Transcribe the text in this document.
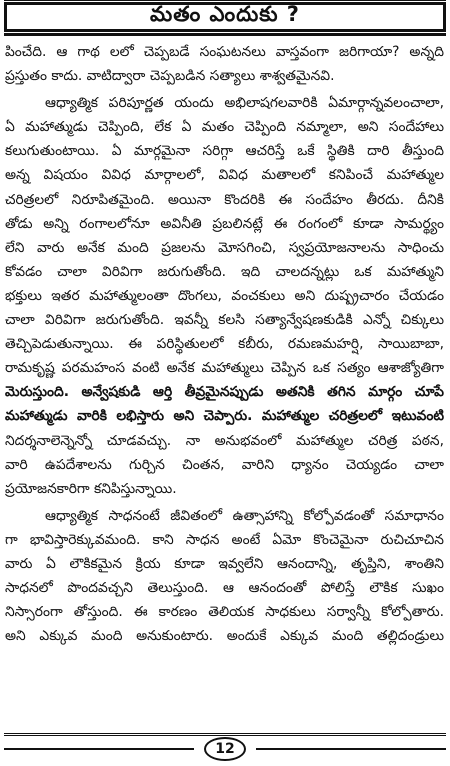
మతం ఎందుకు ?
పించేది. ఆ గాథ లలో చెప్పబడే సంఘటనలు వాస్తవంగా జరిగాయా? అన్నది
ప్రస్తుతం కాదు. వాటిద్వారా చెప్పబడిన సత్యాలు శాశ్వతమైనవి.
ఆధ్యాత్మిక పరిపూర్ణత యందు అభిలాషగలవారికి ఏమార్గాన్నవలంచాలా,
ఏ మహాత్ముడు చెప్పింది, లేక ఏ మతం చెప్పింది నమ్మాలా, అని సందేహాలు
కలుగుతుంటాయి. ఏ మార్గమైనా సరిగ్గా ఆచరిస్తే ఒకే స్థితికి దారి తీస్తుంది
అన్న విషయం వివిధ మార్గాలలో, వివిధ మతాలలో కనిపించే మహాత్ముల
చరిత్రలలో నిరూపితమైంది. అయినా కొందరికి ఈ సందేహం తీరదు. దీనికి
తోడు అన్ని రంగాలలోనూ అవినీతి ప్రబలినట్లే ఈ రంగంలో కూడా సామర్థ్యం
లేని వారు అనేక మంది ప్రజలను మోసగించి, స్వప్రయోజనాలను సాధించు
కోవడం చాలా విరివిగా జరుగుతోంది. ఇది చాలదన్నట్లు ఒక మహాత్ముని
భక్తులు ఇతర మహాత్ములంతా దొంగలు, వంచకులు అని దుష్ప్రచారం చేయడం
చాలా విరివిగా జరుగుతోంది. ఇవన్నీ కలసి సత్యాన్వేషణకుడికి ఎన్నో చిక్కులు
తెచ్చిపెడుతున్నాయి. ఈ పరిస్థితులలో కబీరు, రమణమహర్షి, సాయిబాబా,
రామకృష్ణ పరమహంస వంటి అనేక మహాత్ములు చెప్పిన ఒక సత్యం ఆశాజ్యోతిగా
మెరుస్తుంది. అన్వేషకుడి ఆర్తి తీవ్రమైనప్పుడు అతనికి తగిన మార్గం చూపే
మహాత్ముడు వారికి లభిస్తారు అని చెప్పారు. మహాత్ముల చరిత్రలలో ఇటువంటి
నిదర్శనాలెన్నెన్నో చూడవచ్చు. నా అనుభవంలో మహాత్ముల చరిత్ర పఠన,
వారి ఉపదేశాలను గుర్చిన చింతన, వారిని ధ్యానం చెయ్యడం చాలా
ప్రయోజనకారిగా కనిపిస్తున్నాయి.
ఆధ్యాత్మిక సాధనంటే జీవితంలో ఉత్సాహాన్ని కోల్పోవడంతో సమాధానం
గా భావిస్తారెక్కువమంది. కాని సాధన అంటే ఏమో కొంచెమైనా రుచిచూచిన
వారు ఏ లౌకికమైన క్రియ కూడా ఇవ్వలేని ఆనందాన్ని, తృప్తిని, శాంతిని
సాధనలో పొందవచ్చని తెలుస్తుంది. ఆ ఆనందంతో పోలిస్తే లౌకిక సుఖం
నిస్సారంగా తోస్తుంది. ఈ కారణం తెలియక సాధకులు సర్వాన్నీ కోల్పోతారు.
అని ఎక్కువ మంది అనుకుంటారు. అందుకే ఎక్కువ మంది తల్లిదండ్రులు
12
